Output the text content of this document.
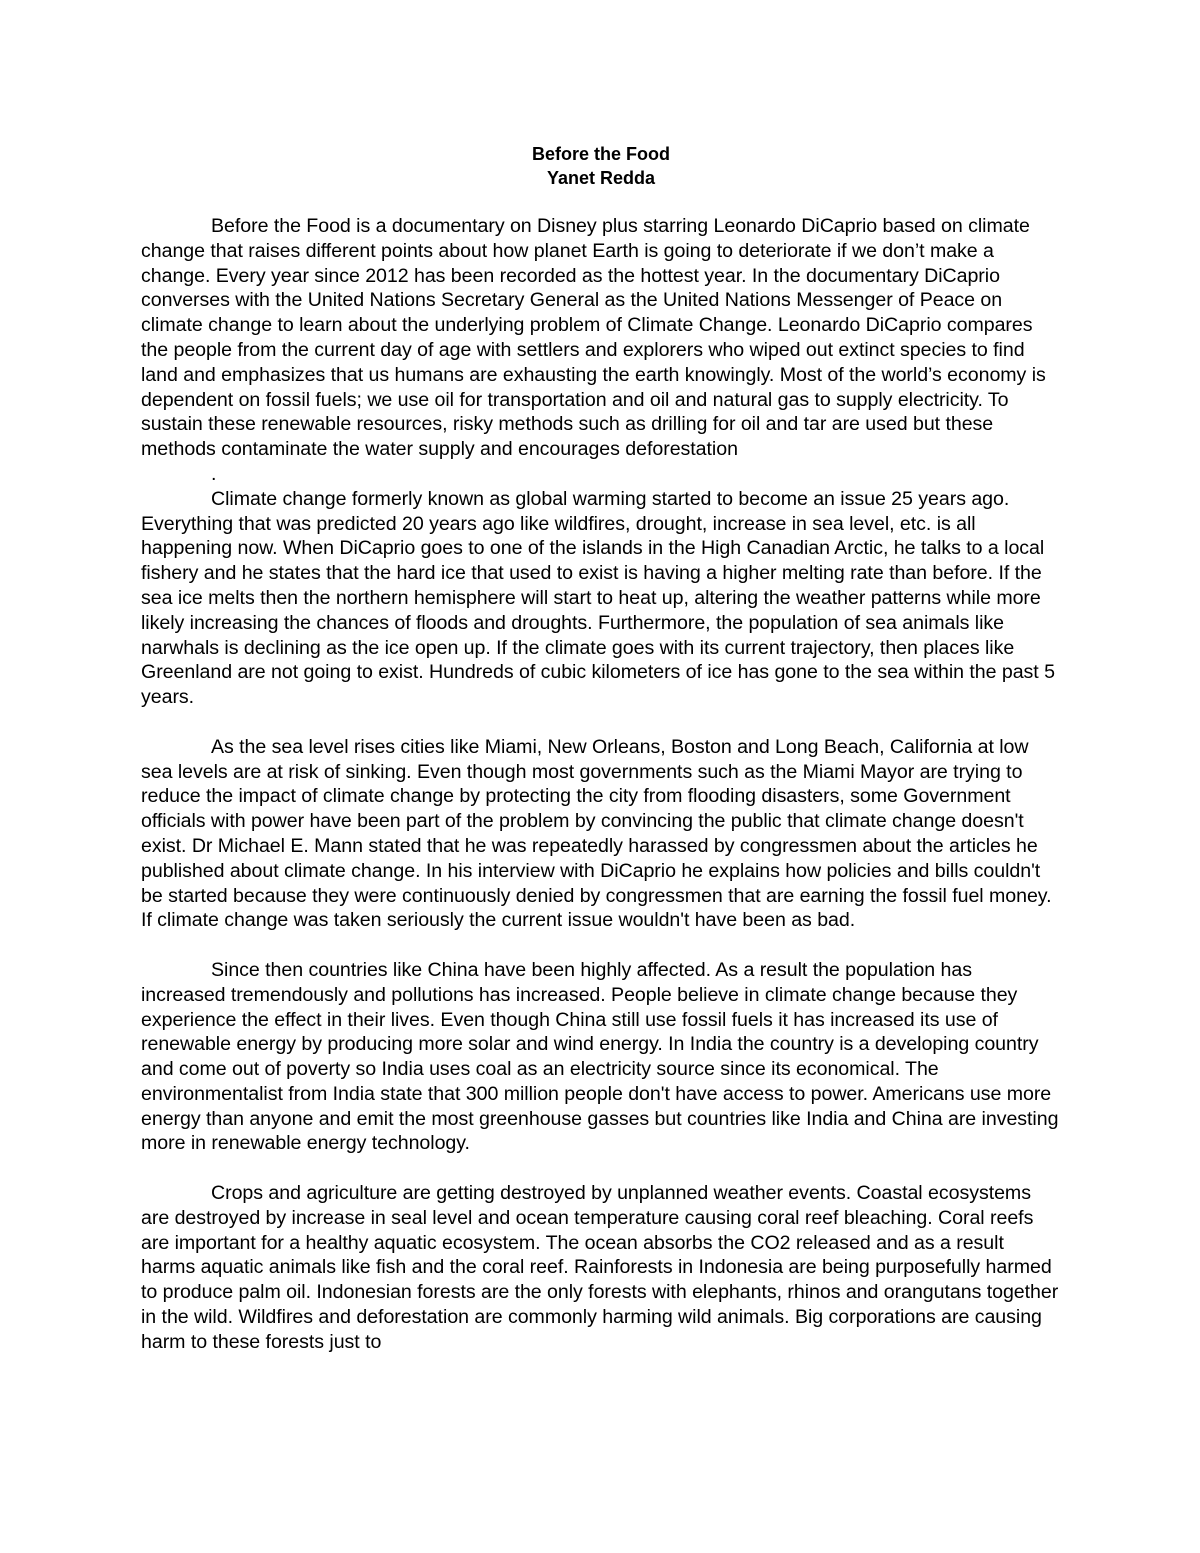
Before the Food
Yanet Redda

Before the Food is a documentary on Disney plus starring Leonardo DiCaprio based on climate change that raises different points about how planet Earth is going to deteriorate if we don’t make a change. Every year since 2012 has been recorded as the hottest year. In the documentary DiCaprio converses with the United Nations Secretary General as the United Nations Messenger of Peace on climate change to learn about the underlying problem of Climate Change. Leonardo DiCaprio compares the people from the current day of age with settlers and explorers who wiped out extinct species to find land and emphasizes that us humans are exhausting the earth knowingly. Most of the world’s economy is dependent on fossil fuels; we use oil for transportation and oil and natural gas to supply electricity. To sustain these renewable resources, risky methods such as drilling for oil and tar are used but these methods contaminate the water supply and encourages deforestation

.

Climate change formerly known as global warming started to become an issue 25 years ago. Everything that was predicted 20 years ago like wildfires, drought, increase in sea level, etc. is all happening now. When DiCaprio goes to one of the islands in the High Canadian Arctic, he talks to a local fishery and he states that the hard ice that used to exist is having a higher melting rate than before. If the sea ice melts then the northern hemisphere will start to heat up, altering the weather patterns while more likely increasing the chances of floods and droughts. Furthermore, the population of sea animals like narwhals is declining as the ice open up. If the climate goes with its current trajectory, then places like Greenland are not going to exist. Hundreds of cubic kilometers of ice has gone to the sea within the past 5 years.

As the sea level rises cities like Miami, New Orleans, Boston and Long Beach, California at low sea levels are at risk of sinking. Even though most governments such as the Miami Mayor are trying to reduce the impact of climate change by protecting the city from flooding disasters, some Government officials with power have been part of the problem by convincing the public that climate change doesn't exist. Dr Michael E. Mann stated that he was repeatedly harassed by congressmen about the articles he published about climate change. In his interview with DiCaprio he explains how policies and bills couldn't be started because they were continuously denied by congressmen that are earning the fossil fuel money. If climate change was taken seriously the current issue wouldn't have been as bad.

Since then countries like China have been highly affected. As a result the population has increased tremendously and pollutions has increased. People believe in climate change because they experience the effect in their lives. Even though China still use fossil fuels it has increased its use of renewable energy by producing more solar and wind energy. In India the country is a developing country and come out of poverty so India uses coal as an electricity source since its economical. The environmentalist from India state that 300 million people don't have access to power. Americans use more energy than anyone and emit the most greenhouse gasses but countries like India and China are investing more in renewable energy technology.

Crops and agriculture are getting destroyed by unplanned weather events. Coastal ecosystems are destroyed by increase in seal level and ocean temperature causing coral reef bleaching. Coral reefs are important for a healthy aquatic ecosystem. The ocean absorbs the CO2 released and as a result harms aquatic animals like fish and the coral reef. Rainforests in Indonesia are being purposefully harmed to produce palm oil. Indonesian forests are the only forests with elephants, rhinos and orangutans together in the wild. Wildfires and deforestation are commonly harming wild animals. Big corporations are causing harm to these forests just to
